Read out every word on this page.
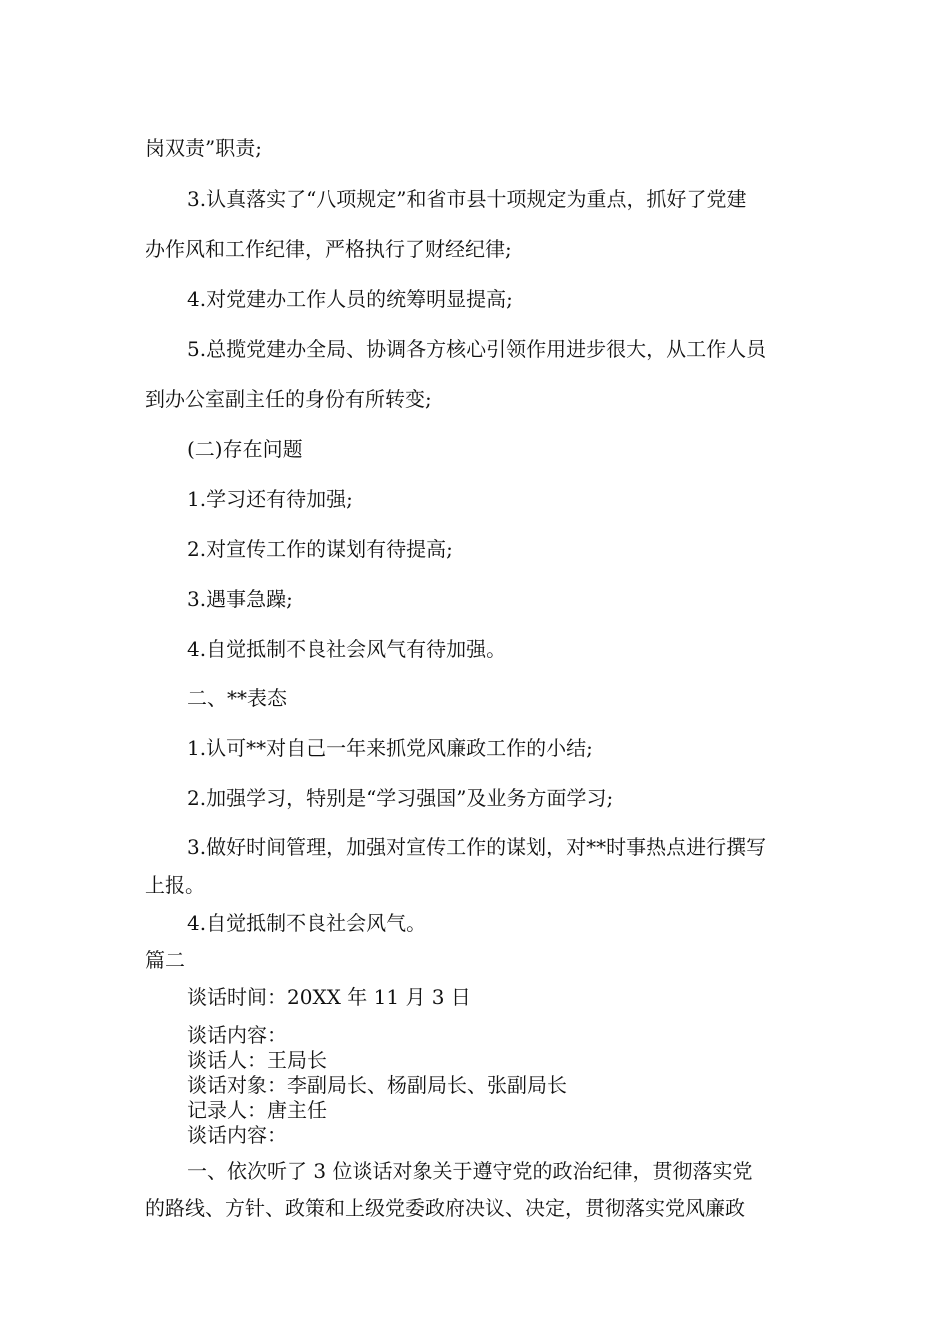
岗双责”职责;

3.认真落实了“八项规定”和省市县十项规定为重点，抓好了党建

办作风和工作纪律，严格执行了财经纪律;

4.对党建办工作人员的统筹明显提高;

5.总揽党建办全局、协调各方核心引领作用进步很大，从工作人员

到办公室副主任的身份有所转变;

(二)存在问题

1.学习还有待加强;

2.对宣传工作的谋划有待提高;

3.遇事急躁;

4.自觉抵制不良社会风气有待加强。

二、**表态

1.认可**对自己一年来抓党风廉政工作的小结;

2.加强学习，特别是“学习强国”及业务方面学习;

3.做好时间管理，加强对宣传工作的谋划，对**时事热点进行撰写

上报。

4.自觉抵制不良社会风气。

篇二

谈话时间：20XX 年 11 月 3 日

谈话内容：

谈话人：王局长

谈话对象：李副局长、杨副局长、张副局长

记录人：唐主任

谈话内容：

一、依次听了 3 位谈话对象关于遵守党的政治纪律，贯彻落实党

的路线、方针、政策和上级党委政府决议、决定，贯彻落实党风廉政
